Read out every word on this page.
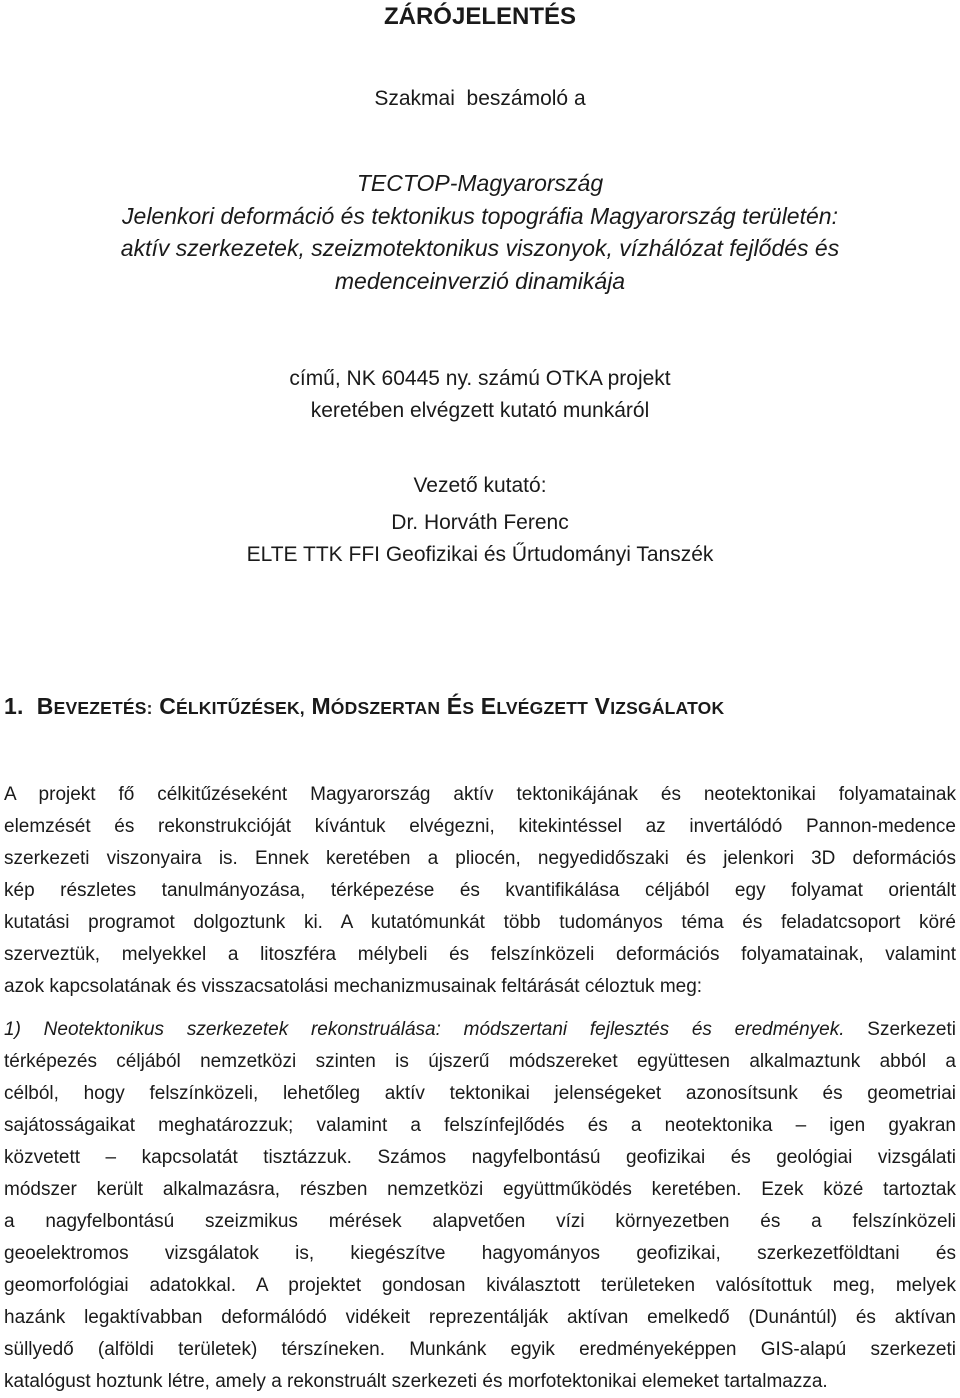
ZÁRÓJELENTÉS
Szakmai  beszámoló a
TECTOP-Magyarország
Jelenkori deformáció és tektonikus topográfia Magyarország területén:
aktív szerkezetek, szeizmotektonikus viszonyok, vízhálózat fejlődés és
medenceinverzió dinamikája
című, NK 60445 ny. számú OTKA projekt
keretében elvégzett kutató munkáról
Vezető kutató:
Dr. Horváth Ferenc
ELTE TTK FFI Geofizikai és Űrtudományi Tanszék
1. BEVEZETÉS: CÉLKITŰZÉSEK, MÓDSZERTAN ÉS ELVÉGZETT VIZSGÁLATOK
A projekt fő célkitűzéseként Magyarország aktív tektonikájának és neotektonikai folyamatainak
elemzését és rekonstrukcióját kívántuk elvégezni, kitekintéssel az invertálódó Pannon-medence
szerkezeti viszonyaira is. Ennek keretében a pliocén, negyedidőszaki és jelenkori 3D deformációs
kép részletes tanulmányozása, térképezése és kvantifikálása céljából egy folyamat orientált
kutatási programot dolgoztunk ki. A kutatómunkát több tudományos téma és feladatcsoport köré
szerveztük, melyekkel a litoszféra mélybeli és felszínközeli deformációs folyamatainak, valamint
azok kapcsolatának és visszacsatolási mechanizmusainak feltárását céloztuk meg:
1) Neotektonikus szerkezetek rekonstruálása: módszertani fejlesztés és eredmények. Szerkezeti
térképezés céljából nemzetközi szinten is újszerű módszereket együttesen alkalmaztunk abból a
célból, hogy felszínközeli, lehetőleg aktív tektonikai jelenségeket azonosítsunk és geometriai
sajátosságaikat meghatározzuk; valamint a felszínfejlődés és a neotektonika – igen gyakran
közvetett – kapcsolatát tisztázzuk. Számos nagyfelbontású geofizikai és geológiai vizsgálati
módszer került alkalmazásra, részben nemzetközi együttműködés keretében. Ezek közé tartoztak
a nagyfelbontású szeizmikus mérések alapvetően vízi környezetben és a felszínközeli
geoelektromos vizsgálatok is, kiegészítve hagyományos geofizikai, szerkezetföldtani és
geomorfológiai adatokkal. A projektet gondosan kiválasztott területeken valósítottuk meg, melyek
hazánk legaktívabban deformálódó vidékeit reprezentálják aktívan emelkedő (Dunántúl) és aktívan
süllyedő (alföldi területek) térszíneken. Munkánk egyik eredményeképpen GIS-alapú szerkezeti
katalógust hoztunk létre, amely a rekonstruált szerkezeti és morfotektonikai elemeket tartalmazza.
